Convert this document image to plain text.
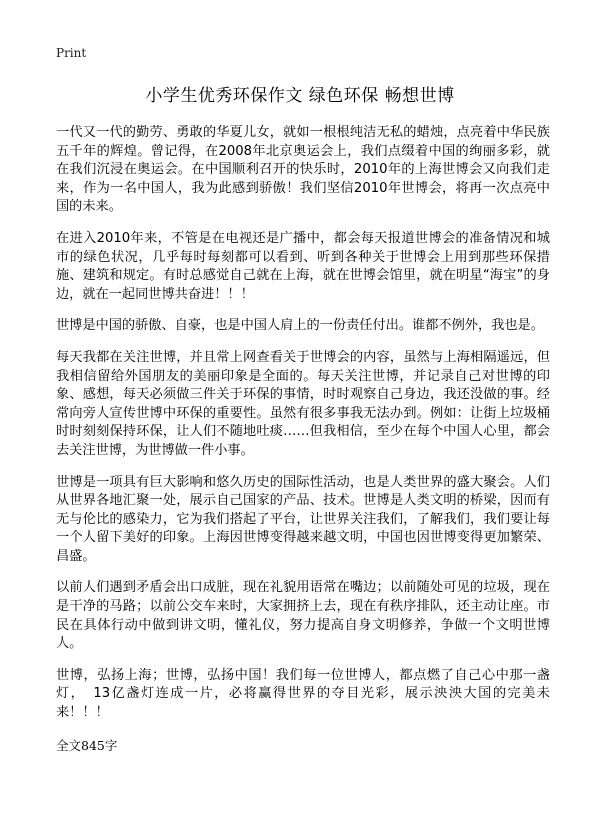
Print
小学生优秀环保作文 绿色环保 畅想世博

一代又一代的勤劳、勇敢的华夏儿女，就如一根根纯洁无私的蜡烛，点亮着中华民族五千年的辉煌。曾记得，在2008年北京奥运会上，我们点缀着中国的绚丽多彩，就在我们沉浸在奥运会。在中国顺利召开的快乐时，2010年的上海世博会又向我们走来，作为一名中国人，我为此感到骄傲！我们坚信2010年世博会，将再一次点亮中国的未来。

在进入2010年来，不管是在电视还是广播中，都会每天报道世博会的准备情况和城市的绿色状况，几乎每时每刻都可以看到、听到各种关于世博会上用到那些环保措施、建筑和规定。有时总感觉自己就在上海，就在世博会馆里，就在明星“海宝”的身边，就在一起同世博共奋进！！！

世博是中国的骄傲、自豪，也是中国人肩上的一份责任付出。谁都不例外，我也是。

每天我都在关注世博，并且常上网查看关于世博会的内容，虽然与上海相隔遥远，但我相信留给外国朋友的美丽印象是全面的。每天关注世博，并记录自己对世博的印象、感想，每天必须做三件关于环保的事情，时时观察自己身边，我还没做的事。经常向旁人宣传世博中环保的重要性。虽然有很多事我无法办到。例如：让街上垃圾桶时时刻刻保持环保，让人们不随地吐痰……但我相信，至少在每个中国人心里，都会去关注世博，为世博做一件小事。

世博是一项具有巨大影响和悠久历史的国际性活动，也是人类世界的盛大聚会。人们从世界各地汇聚一处，展示自己国家的产品、技术。世博是人类文明的桥梁，因而有无与伦比的感染力，它为我们搭起了平台，让世界关注我们，了解我们，我们要让每一个人留下美好的印象。上海因世博变得越来越文明，中国也因世博变得更加繁荣、昌盛。

以前人们遇到矛盾会出口成脏，现在礼貌用语常在嘴边；以前随处可见的垃圾，现在是干净的马路；以前公交车来时，大家拥挤上去，现在有秩序排队，还主动让座。市民在具体行动中做到讲文明，懂礼仪，努力提高自身文明修养，争做一个文明世博人。

世博，弘扬上海；世博，弘扬中国！我们每一位世博人，都点燃了自己心中那一盏灯，　13亿盏灯连成一片，必将赢得世界的夺目光彩，展示泱泱大国的完美未来！！！

全文845字
